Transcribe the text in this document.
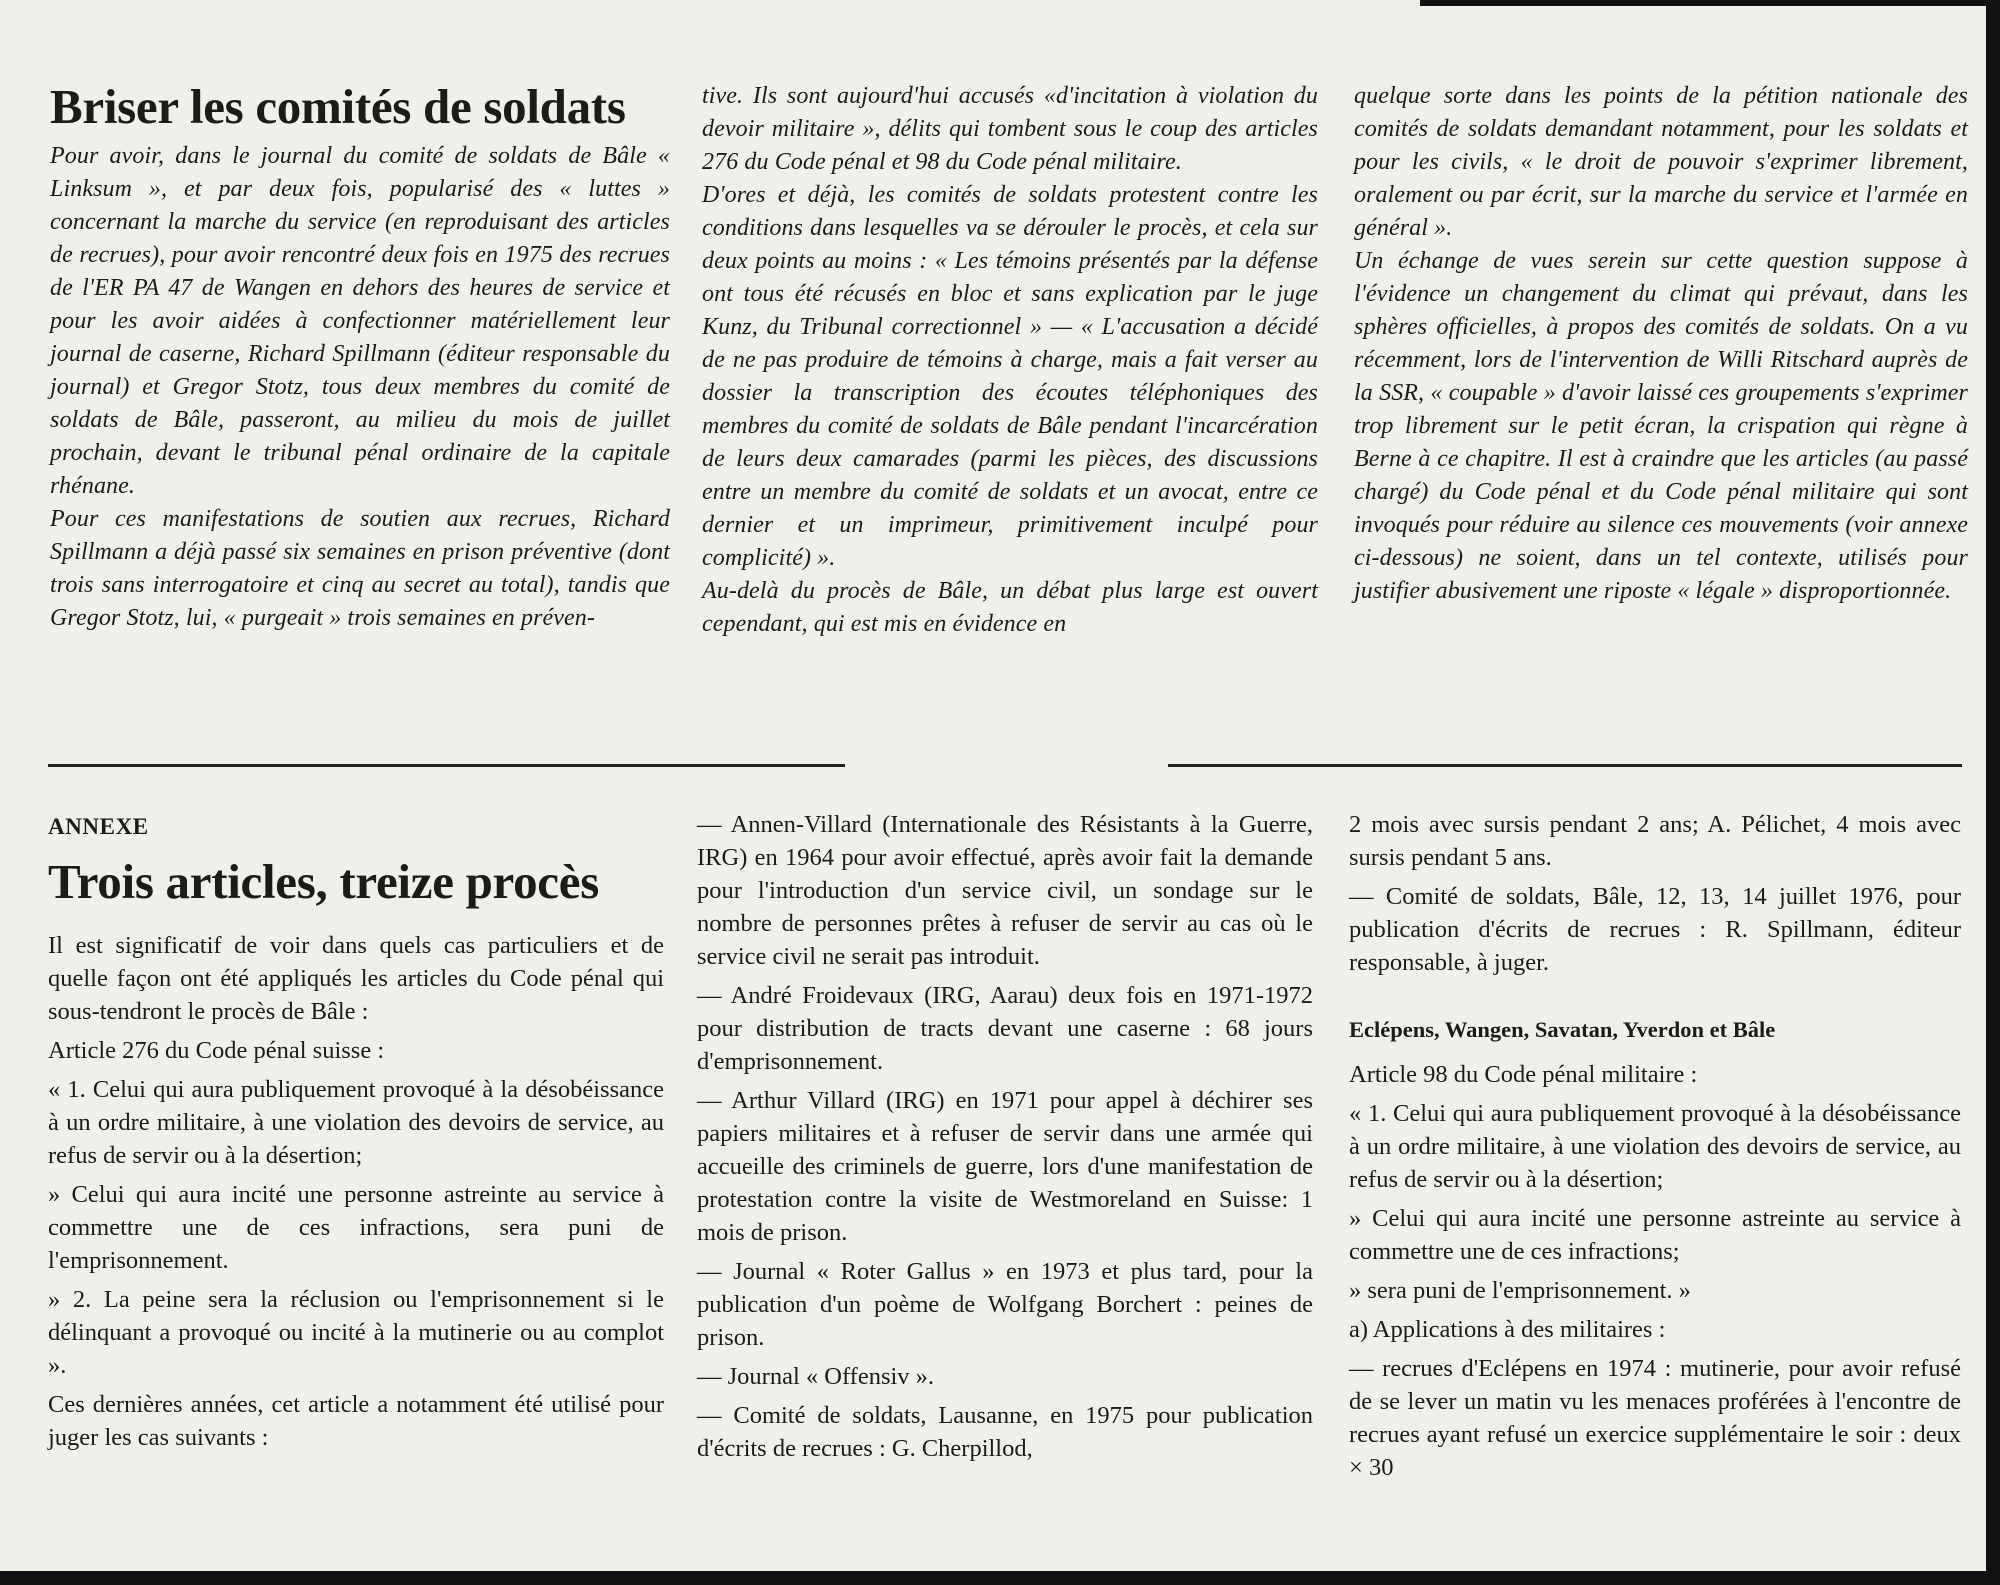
Briser les comités de soldats

Pour avoir, dans le journal du comité de soldats de Bâle « Linksum », et par deux fois, popularisé des « luttes » concernant la marche du service (en reproduisant des articles de recrues), pour avoir rencontré deux fois en 1975 des recrues de l'ER PA 47 de Wangen en dehors des heures de service et pour les avoir aidées à confectionner matériellement leur journal de caserne, Richard Spillmann (éditeur responsable du journal) et Gregor Stotz, tous deux membres du comité de soldats de Bâle, passeront, au milieu du mois de juillet prochain, devant le tribunal pénal ordinaire de la capitale rhénane.

Pour ces manifestations de soutien aux recrues, Richard Spillmann a déjà passé six semaines en prison préventive (dont trois sans interrogatoire et cinq au secret au total), tandis que Gregor Stotz, lui, « purgeait » trois semaines en préven-

tive. Ils sont aujourd'hui accusés «d'incitation à violation du devoir militaire », délits qui tombent sous le coup des articles 276 du Code pénal et 98 du Code pénal militaire.

D'ores et déjà, les comités de soldats protestent contre les conditions dans lesquelles va se dérouler le procès, et cela sur deux points au moins : « Les témoins présentés par la défense ont tous été récusés en bloc et sans explication par le juge Kunz, du Tribunal correctionnel » — « L'accusation a décidé de ne pas produire de témoins à charge, mais a fait verser au dossier la transcription des écoutes téléphoniques des membres du comité de soldats de Bâle pendant l'incarcération de leurs deux camarades (parmi les pièces, des discussions entre un membre du comité de soldats et un avocat, entre ce dernier et un imprimeur, primitivement inculpé pour complicité) ».

Au-delà du procès de Bâle, un débat plus large est ouvert cependant, qui est mis en évidence en

quelque sorte dans les points de la pétition nationale des comités de soldats demandant notamment, pour les soldats et pour les civils, « le droit de pouvoir s'exprimer librement, oralement ou par écrit, sur la marche du service et l'armée en général ».

Un échange de vues serein sur cette question suppose à l'évidence un changement du climat qui prévaut, dans les sphères officielles, à propos des comités de soldats. On a vu récemment, lors de l'intervention de Willi Ritschard auprès de la SSR, « coupable » d'avoir laissé ces groupements s'exprimer trop librement sur le petit écran, la crispation qui règne à Berne à ce chapitre. Il est à craindre que les articles (au passé chargé) du Code pénal et du Code pénal militaire qui sont invoqués pour réduire au silence ces mouvements (voir annexe ci-dessous) ne soient, dans un tel contexte, utilisés pour justifier abusivement une riposte « légale » disproportionnée.

ANNEXE

Trois articles, treize procès

Il est significatif de voir dans quels cas particuliers et de quelle façon ont été appliqués les articles du Code pénal qui sous-tendront le procès de Bâle :

Article 276 du Code pénal suisse :

« 1. Celui qui aura publiquement provoqué à la désobéissance à un ordre militaire, à une violation des devoirs de service, au refus de servir ou à la désertion;

» Celui qui aura incité une personne astreinte au service à commettre une de ces infractions, sera puni de l'emprisonnement.

» 2. La peine sera la réclusion ou l'emprisonnement si le délinquant a provoqué ou incité à la mutinerie ou au complot ».

Ces dernières années, cet article a notamment été utilisé pour juger les cas suivants :

— Annen-Villard (Internationale des Résistants à la Guerre, IRG) en 1964 pour avoir effectué, après avoir fait la demande pour l'introduction d'un service civil, un sondage sur le nombre de personnes prêtes à refuser de servir au cas où le service civil ne serait pas introduit.

— André Froidevaux (IRG, Aarau) deux fois en 1971-1972 pour distribution de tracts devant une caserne : 68 jours d'emprisonnement.

— Arthur Villard (IRG) en 1971 pour appel à déchirer ses papiers militaires et à refuser de servir dans une armée qui accueille des criminels de guerre, lors d'une manifestation de protestation contre la visite de Westmoreland en Suisse: 1 mois de prison.

— Journal « Roter Gallus » en 1973 et plus tard, pour la publication d'un poème de Wolfgang Borchert : peines de prison.

— Journal « Offensiv ».

— Comité de soldats, Lausanne, en 1975 pour publication d'écrits de recrues : G. Cherpillod,

2 mois avec sursis pendant 2 ans; A. Pélichet, 4 mois avec sursis pendant 5 ans.

— Comité de soldats, Bâle, 12, 13, 14 juillet 1976, pour publication d'écrits de recrues : R. Spillmann, éditeur responsable, à juger.

Eclépens, Wangen, Savatan, Yverdon et Bâle

Article 98 du Code pénal militaire :

« 1. Celui qui aura publiquement provoqué à la désobéissance à un ordre militaire, à une violation des devoirs de service, au refus de servir ou à la désertion;

» Celui qui aura incité une personne astreinte au service à commettre une de ces infractions;

» sera puni de l'emprisonnement. »

a) Applications à des militaires :

— recrues d'Eclépens en 1974 : mutinerie, pour avoir refusé de se lever un matin vu les menaces proférées à l'encontre de recrues ayant refusé un exercice supplémentaire le soir : deux × 30
